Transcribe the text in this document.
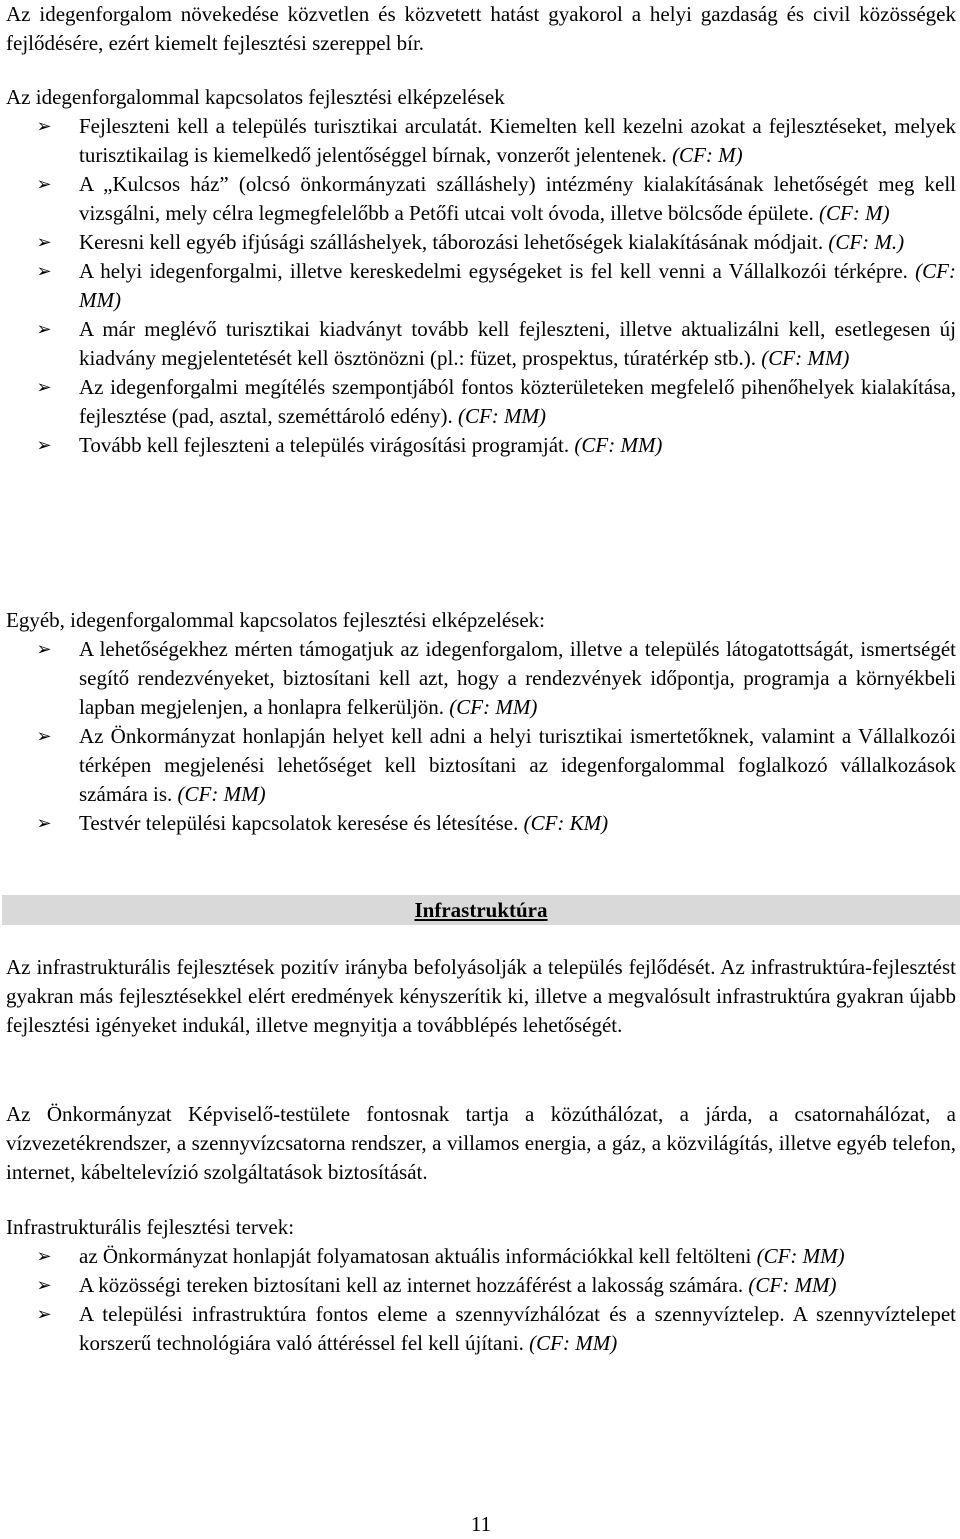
Az idegenforgalom növekedése közvetlen és közvetett hatást gyakorol a helyi gazdaság és civil közösségek fejlődésére, ezért kiemelt fejlesztési szereppel bír.

Az idegenforgalommal kapcsolatos fejlesztési elképzelések
➢ Fejleszteni kell a település turisztikai arculatát. Kiemelten kell kezelni azokat a fejlesztéseket, melyek turisztikailag is kiemelkedő jelentőséggel bírnak, vonzerőt jelentenek. (CF: M)
➢ A „Kulcsos ház” (olcsó önkormányzati szálláshely) intézmény kialakításának lehetőségét meg kell vizsgálni, mely célra legmegfelelőbb a Petőfi utcai volt óvoda, illetve bölcsőde épülete. (CF: M)
➢ Keresni kell egyéb ifjúsági szálláshelyek, táborozási lehetőségek kialakításának módjait. (CF: M.)
➢ A helyi idegenforgalmi, illetve kereskedelmi egységeket is fel kell venni a Vállalkozói térképre. (CF: MM)
➢ A már meglévő turisztikai kiadványt tovább kell fejleszteni, illetve aktualizálni kell, esetlegesen új kiadvány megjelentetését kell ösztönözni (pl.: füzet, prospektus, túratérkép stb.). (CF: MM)
➢ Az idegenforgalmi megítélés szempontjából fontos közterületeken megfelelő pihenőhelyek kialakítása, fejlesztése (pad, asztal, szeméttároló edény). (CF: MM)
➢ Tovább kell fejleszteni a település virágosítási programját. (CF: MM)
Egyéb, idegenforgalommal kapcsolatos fejlesztési elképzelések:
➢ A lehetőségekhez mérten támogatjuk az idegenforgalom, illetve a település látogatottságát, ismertségét segítő rendezvényeket, biztosítani kell azt, hogy a rendezvények időpontja, programja a környékbeli lapban megjelenjen, a honlapra felkerüljön. (CF: MM)
➢ Az Önkormányzat honlapján helyet kell adni a helyi turisztikai ismertetőknek, valamint a Vállalkozói térképen megjelenési lehetőséget kell biztosítani az idegenforgalommal foglalkozó vállalkozások számára is. (CF: MM)
➢ Testvér települési kapcsolatok keresése és létesítése. (CF: KM)
Infrastruktúra

Az infrastrukturális fejlesztések pozitív irányba befolyásolják a település fejlődését. Az infrastruktúra-fejlesztést gyakran más fejlesztésekkel elért eredmények kényszerítik ki, illetve a megvalósult infrastruktúra gyakran újabb fejlesztési igényeket indukál, illetve megnyitja a továbblépés lehetőségét.

Az Önkormányzat Képviselő-testülete fontosnak tartja a közúthálózat, a járda, a csatornahálózat, a vízvezetékrendszer, a szennyvízcsatorna rendszer, a villamos energia, a gáz, a közvilágítás, illetve egyéb telefon, internet, kábeltelevízió szolgáltatások biztosítását.

Infrastrukturális fejlesztési tervek:
➢ az Önkormányzat honlapját folyamatosan aktuális információkkal kell feltölteni (CF: MM)
➢ A közösségi tereken biztosítani kell az internet hozzáférést a lakosság számára. (CF: MM)
➢ A települési infrastruktúra fontos eleme a szennyvízhálózat és a szennyvíztelep. A szennyvíztelepet korszerű technológiára való áttéréssel fel kell újítani. (CF: MM)
11
